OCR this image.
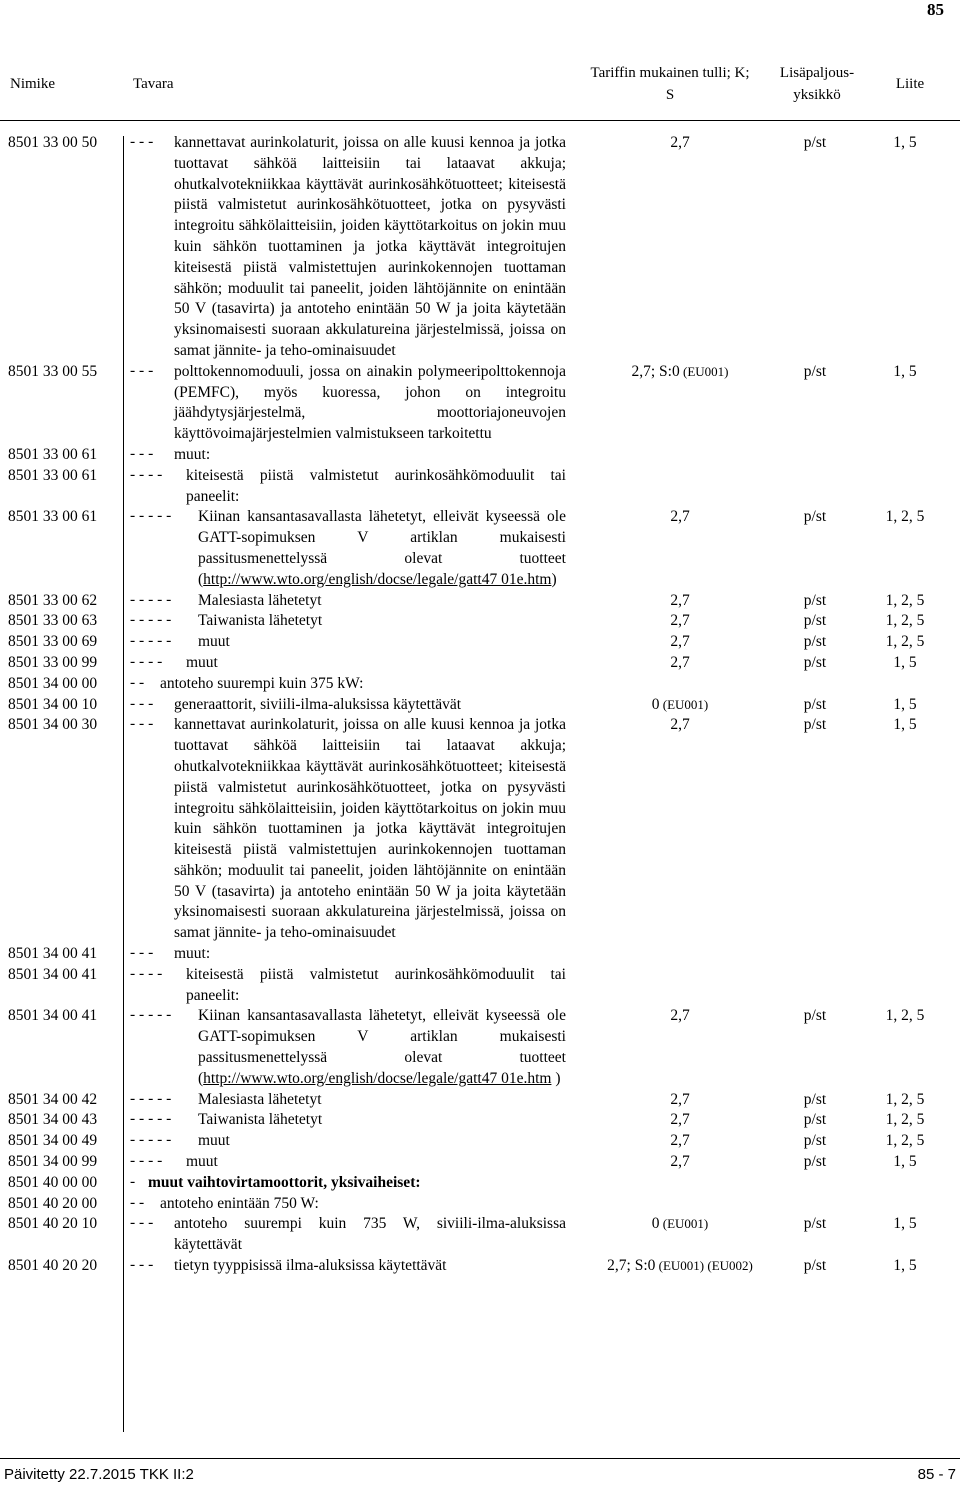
85
Nimike	Tavara
Tariffin mukainen tulli; K; S
Lisäpaljous-yksikkö
Liite
8501 33 00 50 - - - kannettavat aurinkolaturit, joissa on alle kuusi kennoa ja jotka tuottavat sähköä laitteisiin tai lataavat akkuja; ohutkalvotekniikkaa käyttävät aurinkosähkötuotteet; kiteisestä piistä valmistetut aurinkosähkötuotteet, jotka on pysyvästi integroitu sähkölaitteisiin, joiden käyttötarkoitus on jokin muu kuin sähkön tuottaminen ja jotka käyttävät integroitujen kiteisestä piistä valmistettujen aurinkokennojen tuottaman sähkön; moduulit tai paneelit, joiden lähtöjännite on enintään 50 V (tasavirta) ja antoteho enintään 50 W ja joita käytetään yksinomaisesti suoraan akkulatureina järjestelmissä, joissa on samat jännite- ja teho-ominaisuudet
2,7	p/st	1, 5
8501 33 00 55 - - - polttokennomoduuli, jossa on ainakin polymeeripolttokennoja (PEMFC), myös kuoressa, johon on integroitu jäähdytysjärjestelmä, moottoriajoneuvojen käyttövoimajärjestelmien valmistukseen tarkoitettu
2,7; S:0 (EU001)	p/st	1, 5
8501 33 00 61 - - - muut:
8501 33 00 61 - - - - kiteisestä piistä valmistetut aurinkosähkömoduulit tai paneelit:
8501 33 00 61 - - - - - Kiinan kansantasavallasta lähetetyt, elleivät kyseessä ole GATT-sopimuksen V artiklan mukaisesti passitusmenettelyssä olevat tuotteet (http://www.wto.org/english/docse/legale/gatt47 01e.htm)
2,7	p/st	1, 2, 5
8501 33 00 62 - - - - - Malesiasta lähetetyt	2,7	p/st	1, 2, 5
8501 33 00 63 - - - - - Taiwanista lähetetyt	2,7	p/st	1, 2, 5
8501 33 00 69 - - - - - muut	2,7	p/st	1, 2, 5
8501 33 00 99 - - - - muut	2,7	p/st	1, 5
8501 34 00 00 - - antoteho suurempi kuin 375 kW:
8501 34 00 10 - - - generaattorit, siviili-ilma-aluksissa käytettävät	0 (EU001)	p/st	1, 5
8501 34 00 30 - - - kannettavat aurinkolaturit, joissa on alle kuusi kennoa ja jotka tuottavat sähköä laitteisiin tai lataavat akkuja; ohutkalvotekniikkaa käyttävät aurinkosähkötuotteet; kiteisestä piistä valmistetut aurinkosähkötuotteet, jotka on pysyvästi integroitu sähkölaitteisiin, joiden käyttötarkoitus on jokin muu kuin sähkön tuottaminen ja jotka käyttävät integroitujen kiteisestä piistä valmistettujen aurinkokennojen tuottaman sähkön; moduulit tai paneelit, joiden lähtöjännite on enintään 50 V (tasavirta) ja antoteho enintään 50 W ja joita käytetään yksinomaisesti suoraan akkulatureina järjestelmissä, joissa on samat jännite- ja teho-ominaisuudet
2,7	p/st	1, 5
8501 34 00 41 - - - muut:
8501 34 00 41 - - - - kiteisestä piistä valmistetut aurinkosähkömoduulit tai paneelit:
8501 34 00 41 - - - - - Kiinan kansantasavallasta lähetetyt, elleivät kyseessä ole GATT-sopimuksen V artiklan mukaisesti passitusmenettelyssä olevat tuotteet (http://www.wto.org/english/docse/legale/gatt47 01e.htm )
2,7	p/st	1, 2, 5
8501 34 00 42 - - - - - Malesiasta lähetetyt	2,7	p/st	1, 2, 5
8501 34 00 43 - - - - - Taiwanista lähetetyt	2,7	p/st	1, 2, 5
8501 34 00 49 - - - - - muut	2,7	p/st	1, 2, 5
8501 34 00 99 - - - - muut	2,7	p/st	1, 5
8501 40 00 00 - muut vaihtovirtamoottorit, yksivaiheiset:
8501 40 20 00 - - antoteho enintään 750 W:
8501 40 20 10 - - - antoteho suurempi kuin 735 W, siviili-ilma-aluksissa käytettävät
0 (EU001)	p/st	1, 5
8501 40 20 20 - - - tietyn tyyppisissä ilma-aluksissa käytettävät	2,7; S:0 (EU001) (EU002)	p/st	1, 5
Päivitetty 22.7.2015 TKK II:2	85 - 7
